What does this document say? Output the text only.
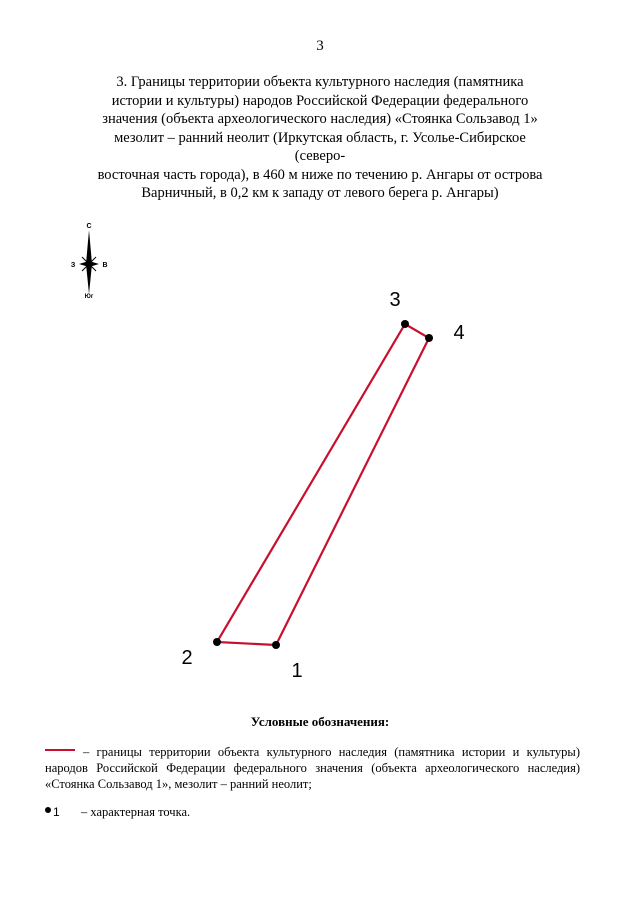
3
3. Границы территории объекта культурного наследия (памятника
истории и культуры) народов Российской Федерации федерального
значения (объекта археологического наследия) «Стоянка Сользавод 1»
мезолит – ранний неолит (Иркутская область, г. Усолье-Сибирское (северо-
восточная часть города), в 460 м ниже по течению р. Ангары от острова
Варничный, в 0,2 км к западу от левого берега р. Ангары)
С
З	В
Юг
1
2
3
4
Условные обозначения:
– границы территории объекта культурного наследия (памятника истории и культуры) народов Российской Федерации федерального значения (объекта археологического наследия) «Стоянка Сользавод 1», мезолит – ранний неолит;
1 – характерная точка.
